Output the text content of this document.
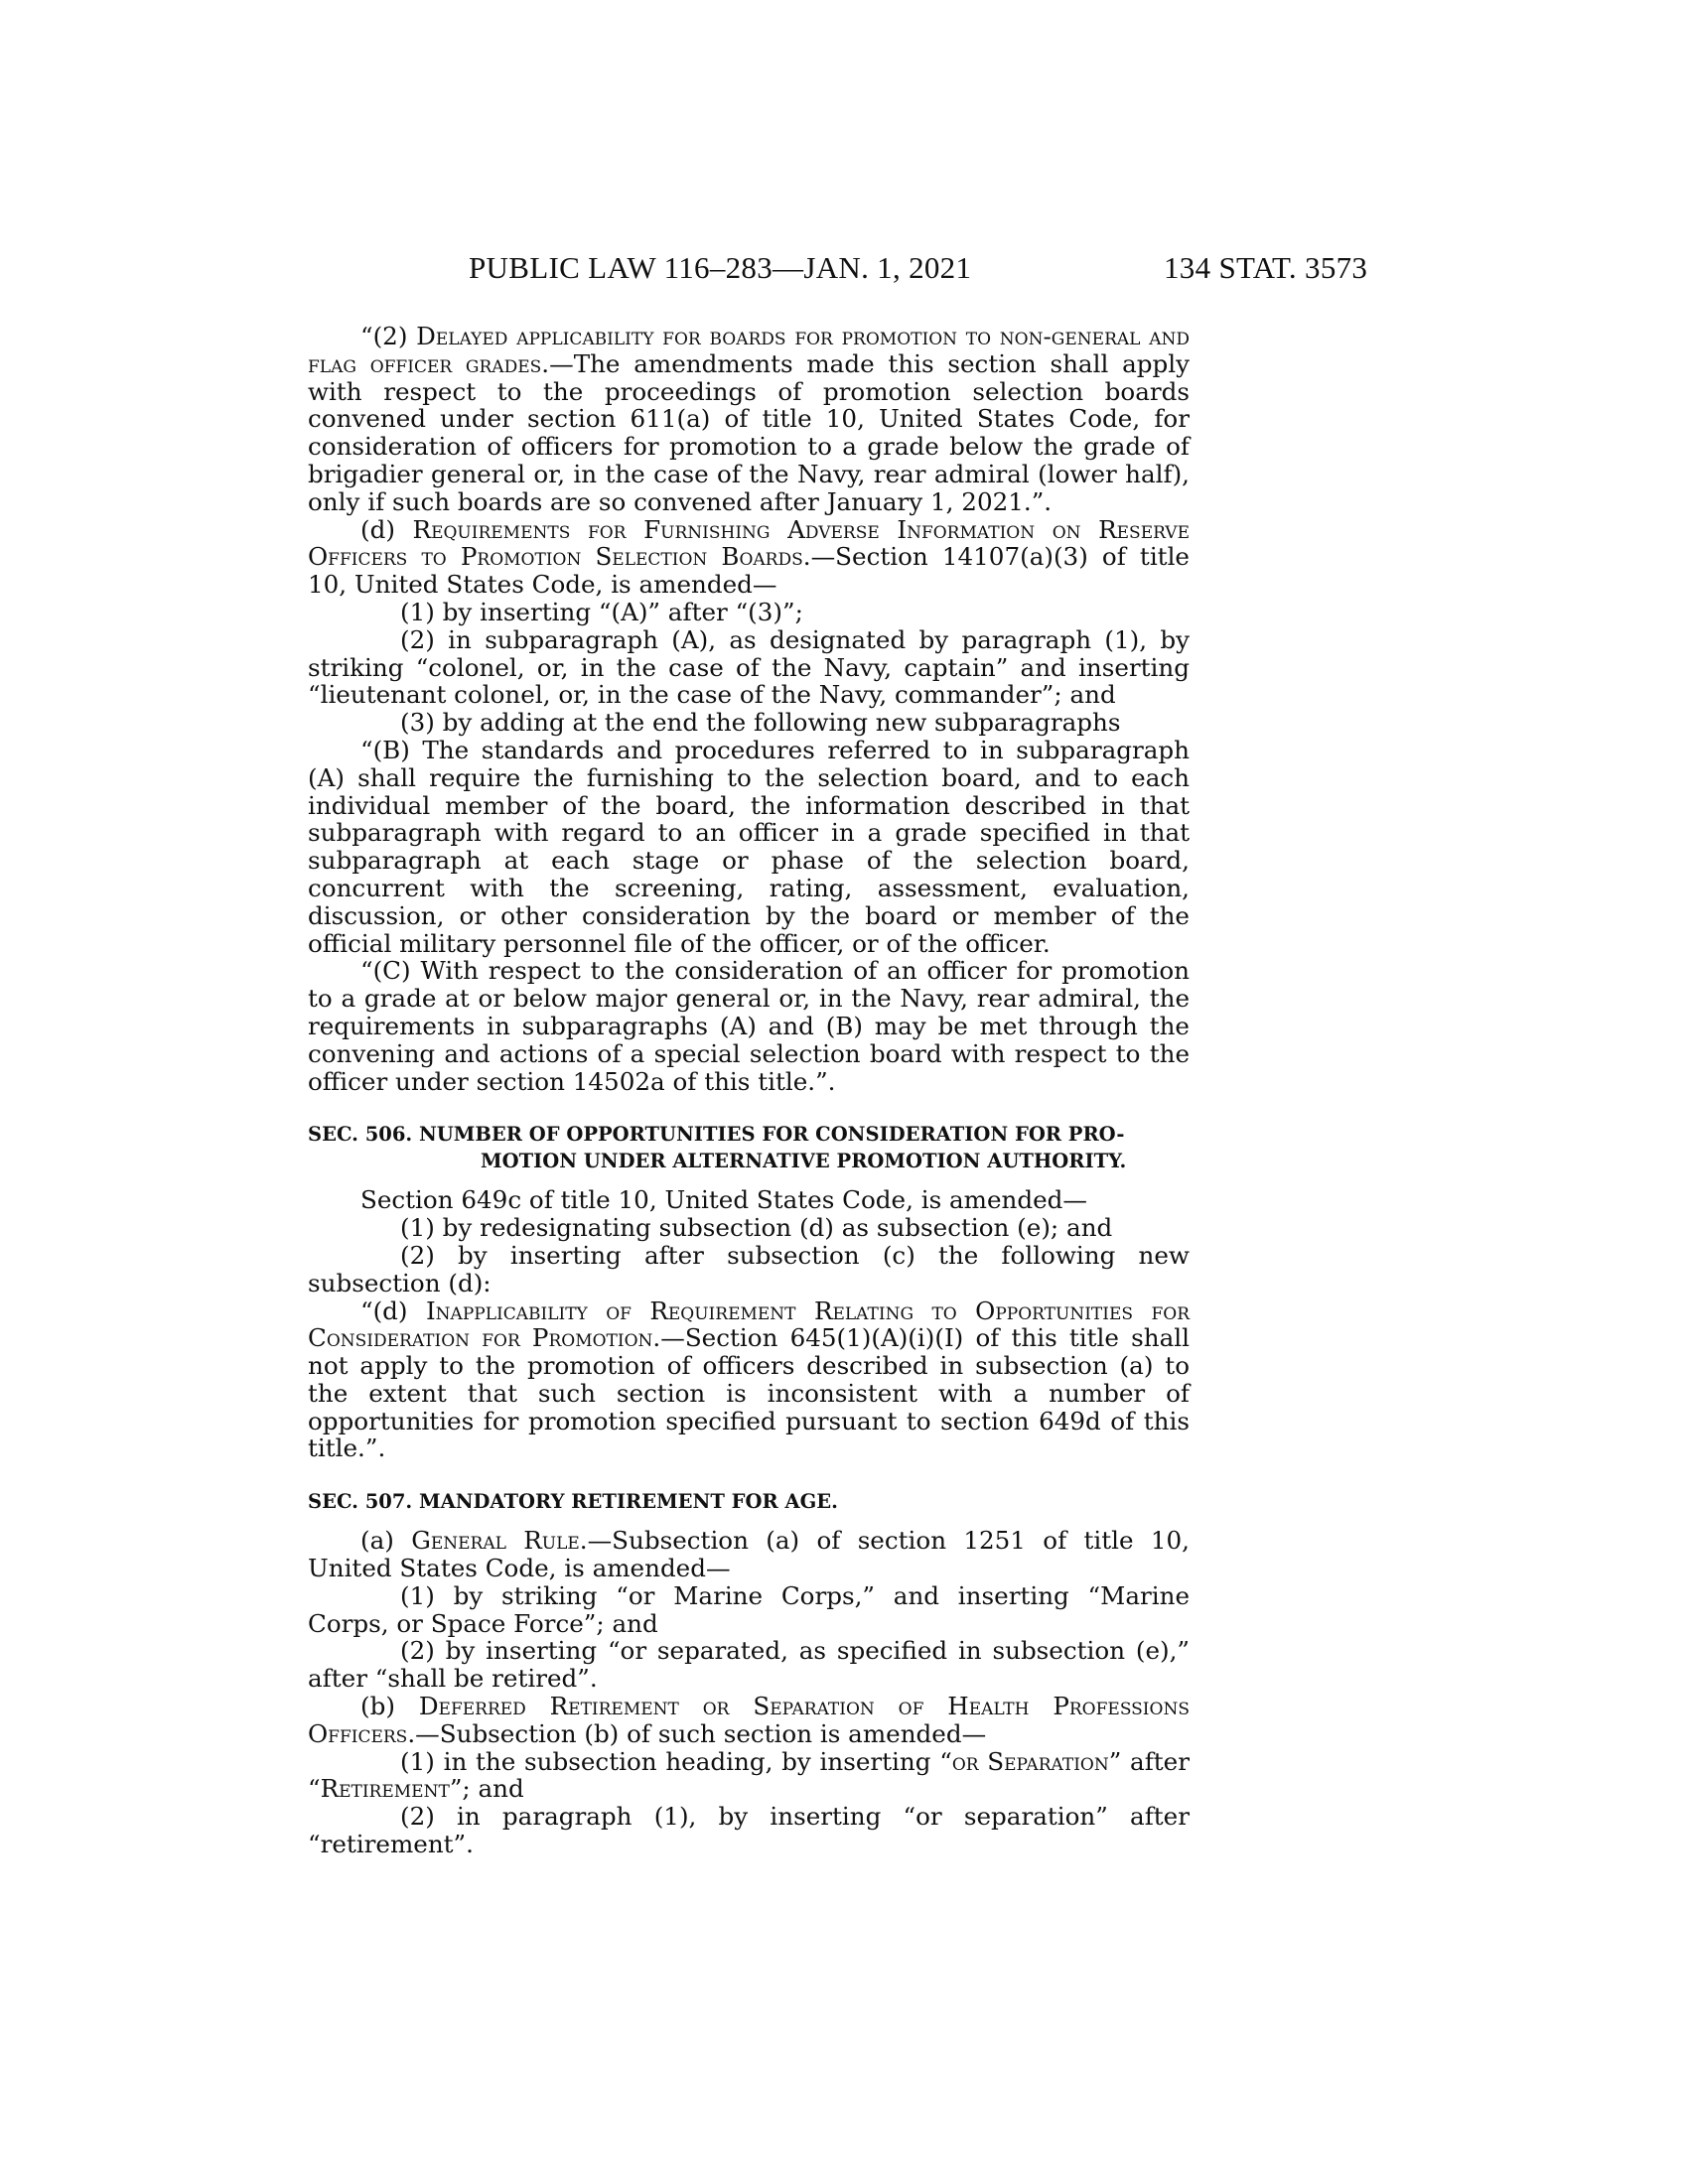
PUBLIC LAW 116–283—JAN. 1, 2021	134 STAT. 3573

“(2) Delayed applicability for boards for promotion to non-general and flag officer grades.—The amendments made this section shall apply with respect to the proceedings of promotion selection boards convened under section 611(a) of title 10, United States Code, for consideration of officers for promotion to a grade below the grade of brigadier general or, in the case of the Navy, rear admiral (lower half), only if such boards are so convened after January 1, 2021.”.

(d) Requirements for Furnishing Adverse Information on Reserve Officers to Promotion Selection Boards.—Section 14107(a)(3) of title 10, United States Code, is amended—

(1) by inserting “(A)” after “(3)”;

(2) in subparagraph (A), as designated by paragraph (1), by striking “colonel, or, in the case of the Navy, captain” and inserting “lieutenant colonel, or, in the case of the Navy, commander”; and

(3) by adding at the end the following new subparagraphs

“(B) The standards and procedures referred to in subparagraph (A) shall require the furnishing to the selection board, and to each individual member of the board, the information described in that subparagraph with regard to an officer in a grade specified in that subparagraph at each stage or phase of the selection board, concurrent with the screening, rating, assessment, evaluation, discussion, or other consideration by the board or member of the official military personnel file of the officer, or of the officer.

“(C) With respect to the consideration of an officer for promotion to a grade at or below major general or, in the Navy, rear admiral, the requirements in subparagraphs (A) and (B) may be met through the convening and actions of a special selection board with respect to the officer under section 14502a of this title.”.

SEC. 506. NUMBER OF OPPORTUNITIES FOR CONSIDERATION FOR PRO-
MOTION UNDER ALTERNATIVE PROMOTION AUTHORITY.

Section 649c of title 10, United States Code, is amended—

(1) by redesignating subsection (d) as subsection (e); and

(2) by inserting after subsection (c) the following new subsection (d):

“(d) Inapplicability of Requirement Relating to Opportunities for Consideration for Promotion.—Section 645(1)(A)(i)(I) of this title shall not apply to the promotion of officers described in subsection (a) to the extent that such section is inconsistent with a number of opportunities for promotion specified pursuant to section 649d of this title.”.

SEC. 507. MANDATORY RETIREMENT FOR AGE.

(a) General Rule.—Subsection (a) of section 1251 of title 10, United States Code, is amended—

(1) by striking “or Marine Corps,” and inserting “Marine Corps, or Space Force”; and

(2) by inserting “or separated, as specified in subsection (e),” after “shall be retired”.

(b) Deferred Retirement or Separation of Health Professions Officers.—Subsection (b) of such section is amended—

(1) in the subsection heading, by inserting “or Separation” after “Retirement”; and

(2) in paragraph (1), by inserting “or separation” after “retirement”.
